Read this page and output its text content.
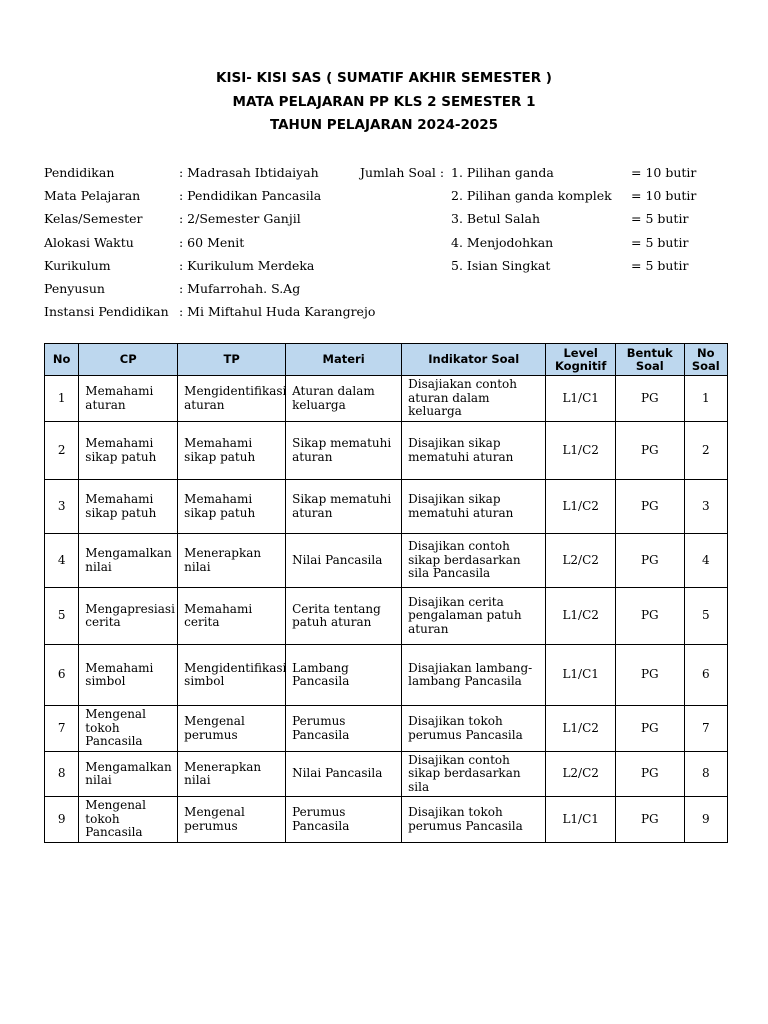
KISI- KISI SAS ( SUMATIF AKHIR SEMESTER )
MATA PELAJARAN PP KLS 2 SEMESTER 1
TAHUN PELAJARAN 2024-2025
Pendidikan	: Madrasah Ibtidaiyah	Jumlah Soal : 1. Pilihan ganda	= 10 butir
Mata Pelajaran	: Pendidikan Pancasila	2. Pilihan ganda komplek = 10 butir
Kelas/Semester	: 2/Semester Ganjil	3. Betul Salah	= 5 butir
Alokasi Waktu	: 60 Menit	4. Menjodohkan	= 5 butir
Kurikulum	: Kurikulum Merdeka	5. Isian Singkat	= 5 butir
Penyusun	: Mufarrohah. S.Ag
Instansi Pendidikan : Mi Miftahul Huda Karangrejo
No	CP	TP	Materi	Indikator Soal	Level Kognitif	Bentuk Soal	No Soal
1	Memahami aturan	Mengidentifikasi aturan	Aturan dalam keluarga	Disajiakan contoh aturan dalam keluarga	L1/C1	PG	1
2	Memahami sikap patuh	Memahami sikap patuh	Sikap mematuhi aturan	Disajikan sikap mematuhi aturan	L1/C2	PG	2
3	Memahami sikap patuh	Memahami sikap patuh	Sikap mematuhi aturan	Disajikan sikap mematuhi aturan	L1/C2	PG	3
4	Mengamalkan nilai	Menerapkan nilai	Nilai Pancasila	Disajikan contoh sikap berdasarkan sila Pancasila	L2/C2	PG	4
5	Mengapresiasi cerita	Memahami cerita	Cerita tentang patuh aturan	Disajikan cerita pengalaman patuh aturan	L1/C2	PG	5
6	Memahami simbol	Mengidentifikasi simbol	Lambang Pancasila	Disajiakan lambang-lambang Pancasila	L1/C1	PG	6
7	Mengenal tokoh Pancasila	Mengenal perumus	Perumus Pancasila	Disajikan tokoh perumus Pancasila	L1/C2	PG	7
8	Mengamalkan nilai	Menerapkan nilai	Nilai Pancasila	Disajikan contoh sikap berdasarkan sila	L2/C2	PG	8
9	Mengenal tokoh Pancasila	Mengenal perumus	Perumus Pancasila	Disajikan tokoh perumus Pancasila	L1/C1	PG	9
